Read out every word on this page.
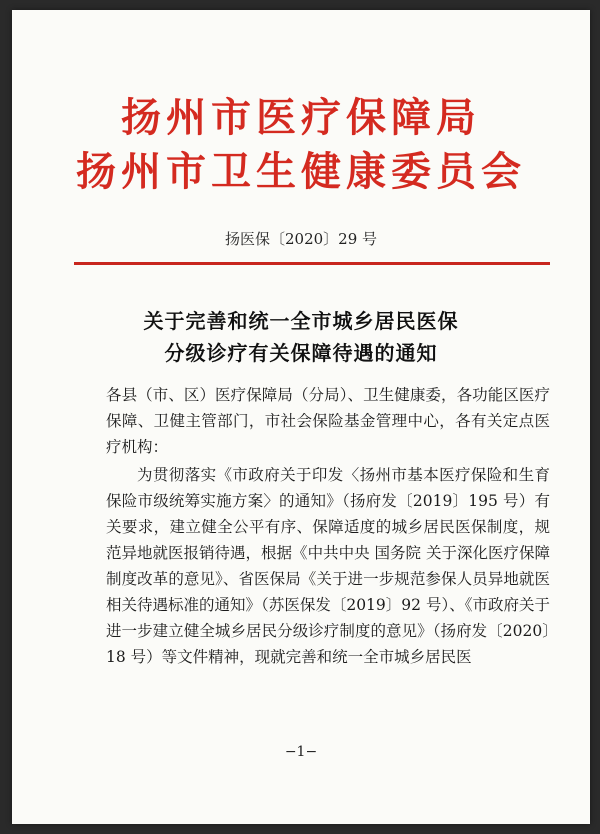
扬州市医疗保障局
扬州市卫生健康委员会
扬医保〔2020〕29 号
关于完善和统一全市城乡居民医保
分级诊疗有关保障待遇的通知

各县（市、区）医疗保障局（分局）、卫生健康委，各功能区医疗保障、卫健主管部门，市社会保险基金管理中心，各有关定点医疗机构：

为贯彻落实《市政府关于印发〈扬州市基本医疗保险和生育保险市级统筹实施方案〉的通知》（扬府发〔2019〕195 号）有关要求，建立健全公平有序、保障适度的城乡居民医保制度，规范异地就医报销待遇，根据《中共中央 国务院 关于深化医疗保障制度改革的意见》、省医保局《关于进一步规范参保人员异地就医相关待遇标准的通知》（苏医保发〔2019〕92 号）、《市政府关于进一步建立健全城乡居民分级诊疗制度的意见》（扬府发〔2020〕18 号）等文件精神，现就完善和统一全市城乡居民医

−1−
